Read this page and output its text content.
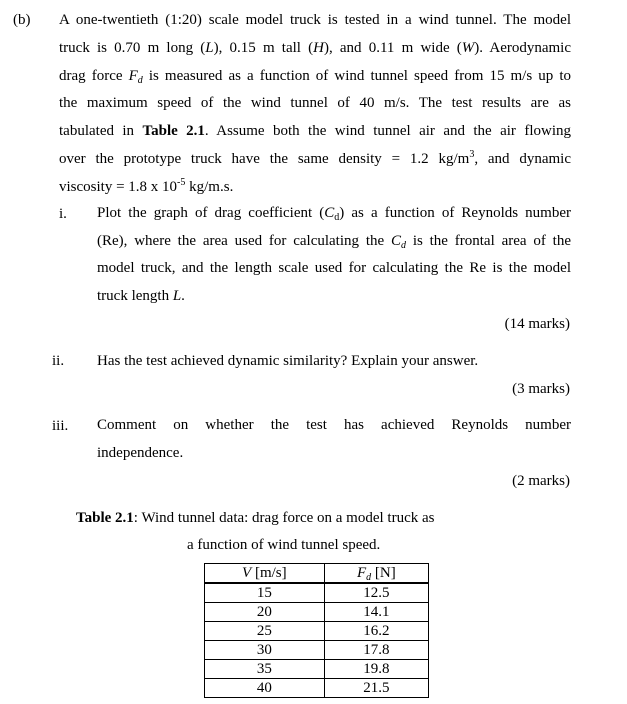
(b) A one-twentieth (1:20) scale model truck is tested in a wind tunnel. The model
truck is 0.70 m long (L), 0.15 m tall (H), and 0.11 m wide (W). Aerodynamic
drag force $F_d$ is measured as a function of wind tunnel speed from 15 m/s up to
the maximum speed of the wind tunnel of 40 m/s. The test results are as
tabulated in Table 2.1. Assume both the wind tunnel air and the air flowing
over the prototype truck have the same density = 1.2 $kg/m^3$, and dynamic
viscosity = 1.8 x $10^{-5}$ kg/m.s.
i. Plot the graph of drag coefficient $(C_d)$ as a function of Reynolds number
(Re), where the area used for calculating the $C_d$ is the frontal area of the
model truck, and the length scale used for calculating the Re is the model
truck length L.
(14 marks)
ii. Has the test achieved dynamic similarity? Explain your answer.
(3 marks)
iii. Comment on whether the test has achieved Reynolds number
independence.
(2 marks)
Table 2.1: Wind tunnel data: drag force on a model truck as
a function of wind tunnel speed.
V [m/s]	$F_d$ [N]
15	12.5
20	14.1
25	16.2
30	17.8
35	19.8
40	21.5
